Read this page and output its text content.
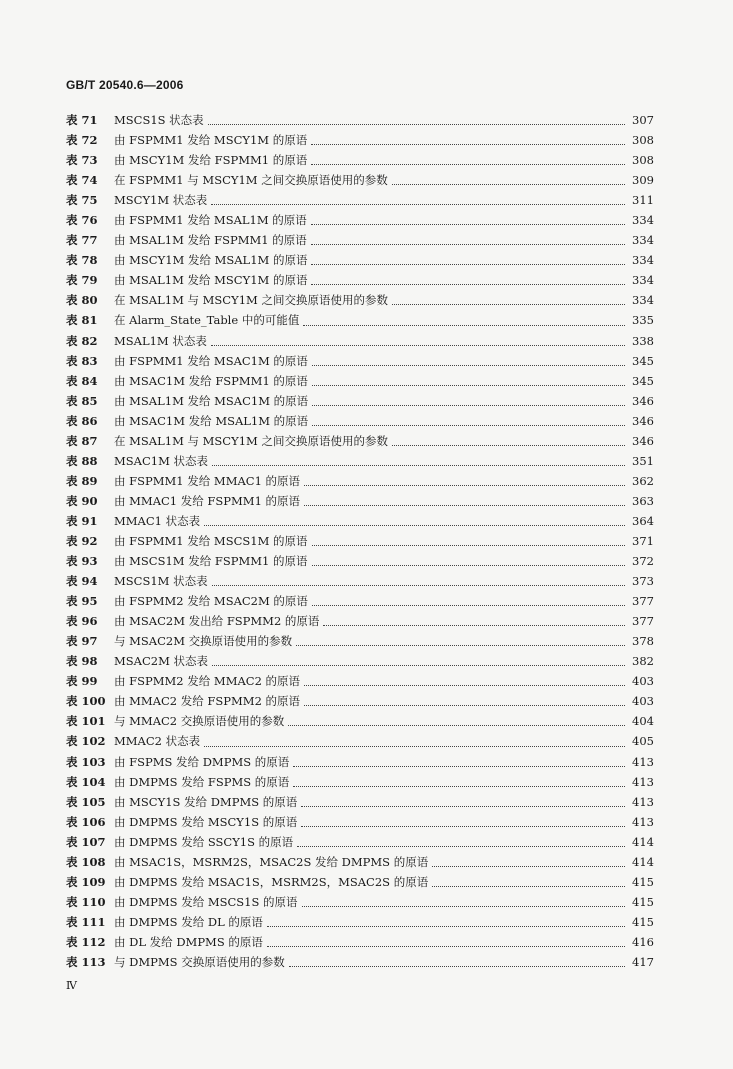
GB/T 20540.6—2006
表 71	MSCS1S 状态表	307
表 72	由 FSPMM1 发给 MSCY1M 的原语	308
表 73	由 MSCY1M 发给 FSPMM1 的原语	308
表 74	在 FSPMM1 与 MSCY1M 之间交换原语使用的参数	309
表 75	MSCY1M 状态表	311
表 76	由 FSPMM1 发给 MSAL1M 的原语	334
表 77	由 MSAL1M 发给 FSPMM1 的原语	334
表 78	由 MSCY1M 发给 MSAL1M 的原语	334
表 79	由 MSAL1M 发给 MSCY1M 的原语	334
表 80	在 MSAL1M 与 MSCY1M 之间交换原语使用的参数	334
表 81	在 Alarm_State_Table 中的可能值	335
表 82	MSAL1M 状态表	338
表 83	由 FSPMM1 发给 MSAC1M 的原语	345
表 84	由 MSAC1M 发给 FSPMM1 的原语	345
表 85	由 MSAL1M 发给 MSAC1M 的原语	346
表 86	由 MSAC1M 发给 MSAL1M 的原语	346
表 87	在 MSAL1M 与 MSCY1M 之间交换原语使用的参数	346
表 88	MSAC1M 状态表	351
表 89	由 FSPMM1 发给 MMAC1 的原语	362
表 90	由 MMAC1 发给 FSPMM1 的原语	363
表 91	MMAC1 状态表	364
表 92	由 FSPMM1 发给 MSCS1M 的原语	371
表 93	由 MSCS1M 发给 FSPMM1 的原语	372
表 94	MSCS1M 状态表	373
表 95	由 FSPMM2 发给 MSAC2M 的原语	377
表 96	由 MSAC2M 发出给 FSPMM2 的原语	377
表 97	与 MSAC2M 交换原语使用的参数	378
表 98	MSAC2M 状态表	382
表 99	由 FSPMM2 发给 MMAC2 的原语	403
表 100 由 MMAC2 发给 FSPMM2 的原语	403
表 101 与 MMAC2 交换原语使用的参数	404
表 102 MMAC2 状态表	405
表 103 由 FSPMS 发给 DMPMS 的原语	413
表 104 由 DMPMS 发给 FSPMS 的原语	413
表 105 由 MSCY1S 发给 DMPMS 的原语	413
表 106 由 DMPMS 发给 MSCY1S 的原语	413
表 107 由 DMPMS 发给 SSCY1S 的原语	414
表 108 由 MSAC1S，MSRM2S，MSAC2S 发给 DMPMS 的原语	414
表 109 由 DMPMS 发给 MSAC1S，MSRM2S，MSAC2S 的原语	415
表 110 由 DMPMS 发给 MSCS1S 的原语	415
表 111 由 DMPMS 发给 DL 的原语	415
表 112 由 DL 发给 DMPMS 的原语	416
表 113 与 DMPMS 交换原语使用的参数	417
Ⅳ
